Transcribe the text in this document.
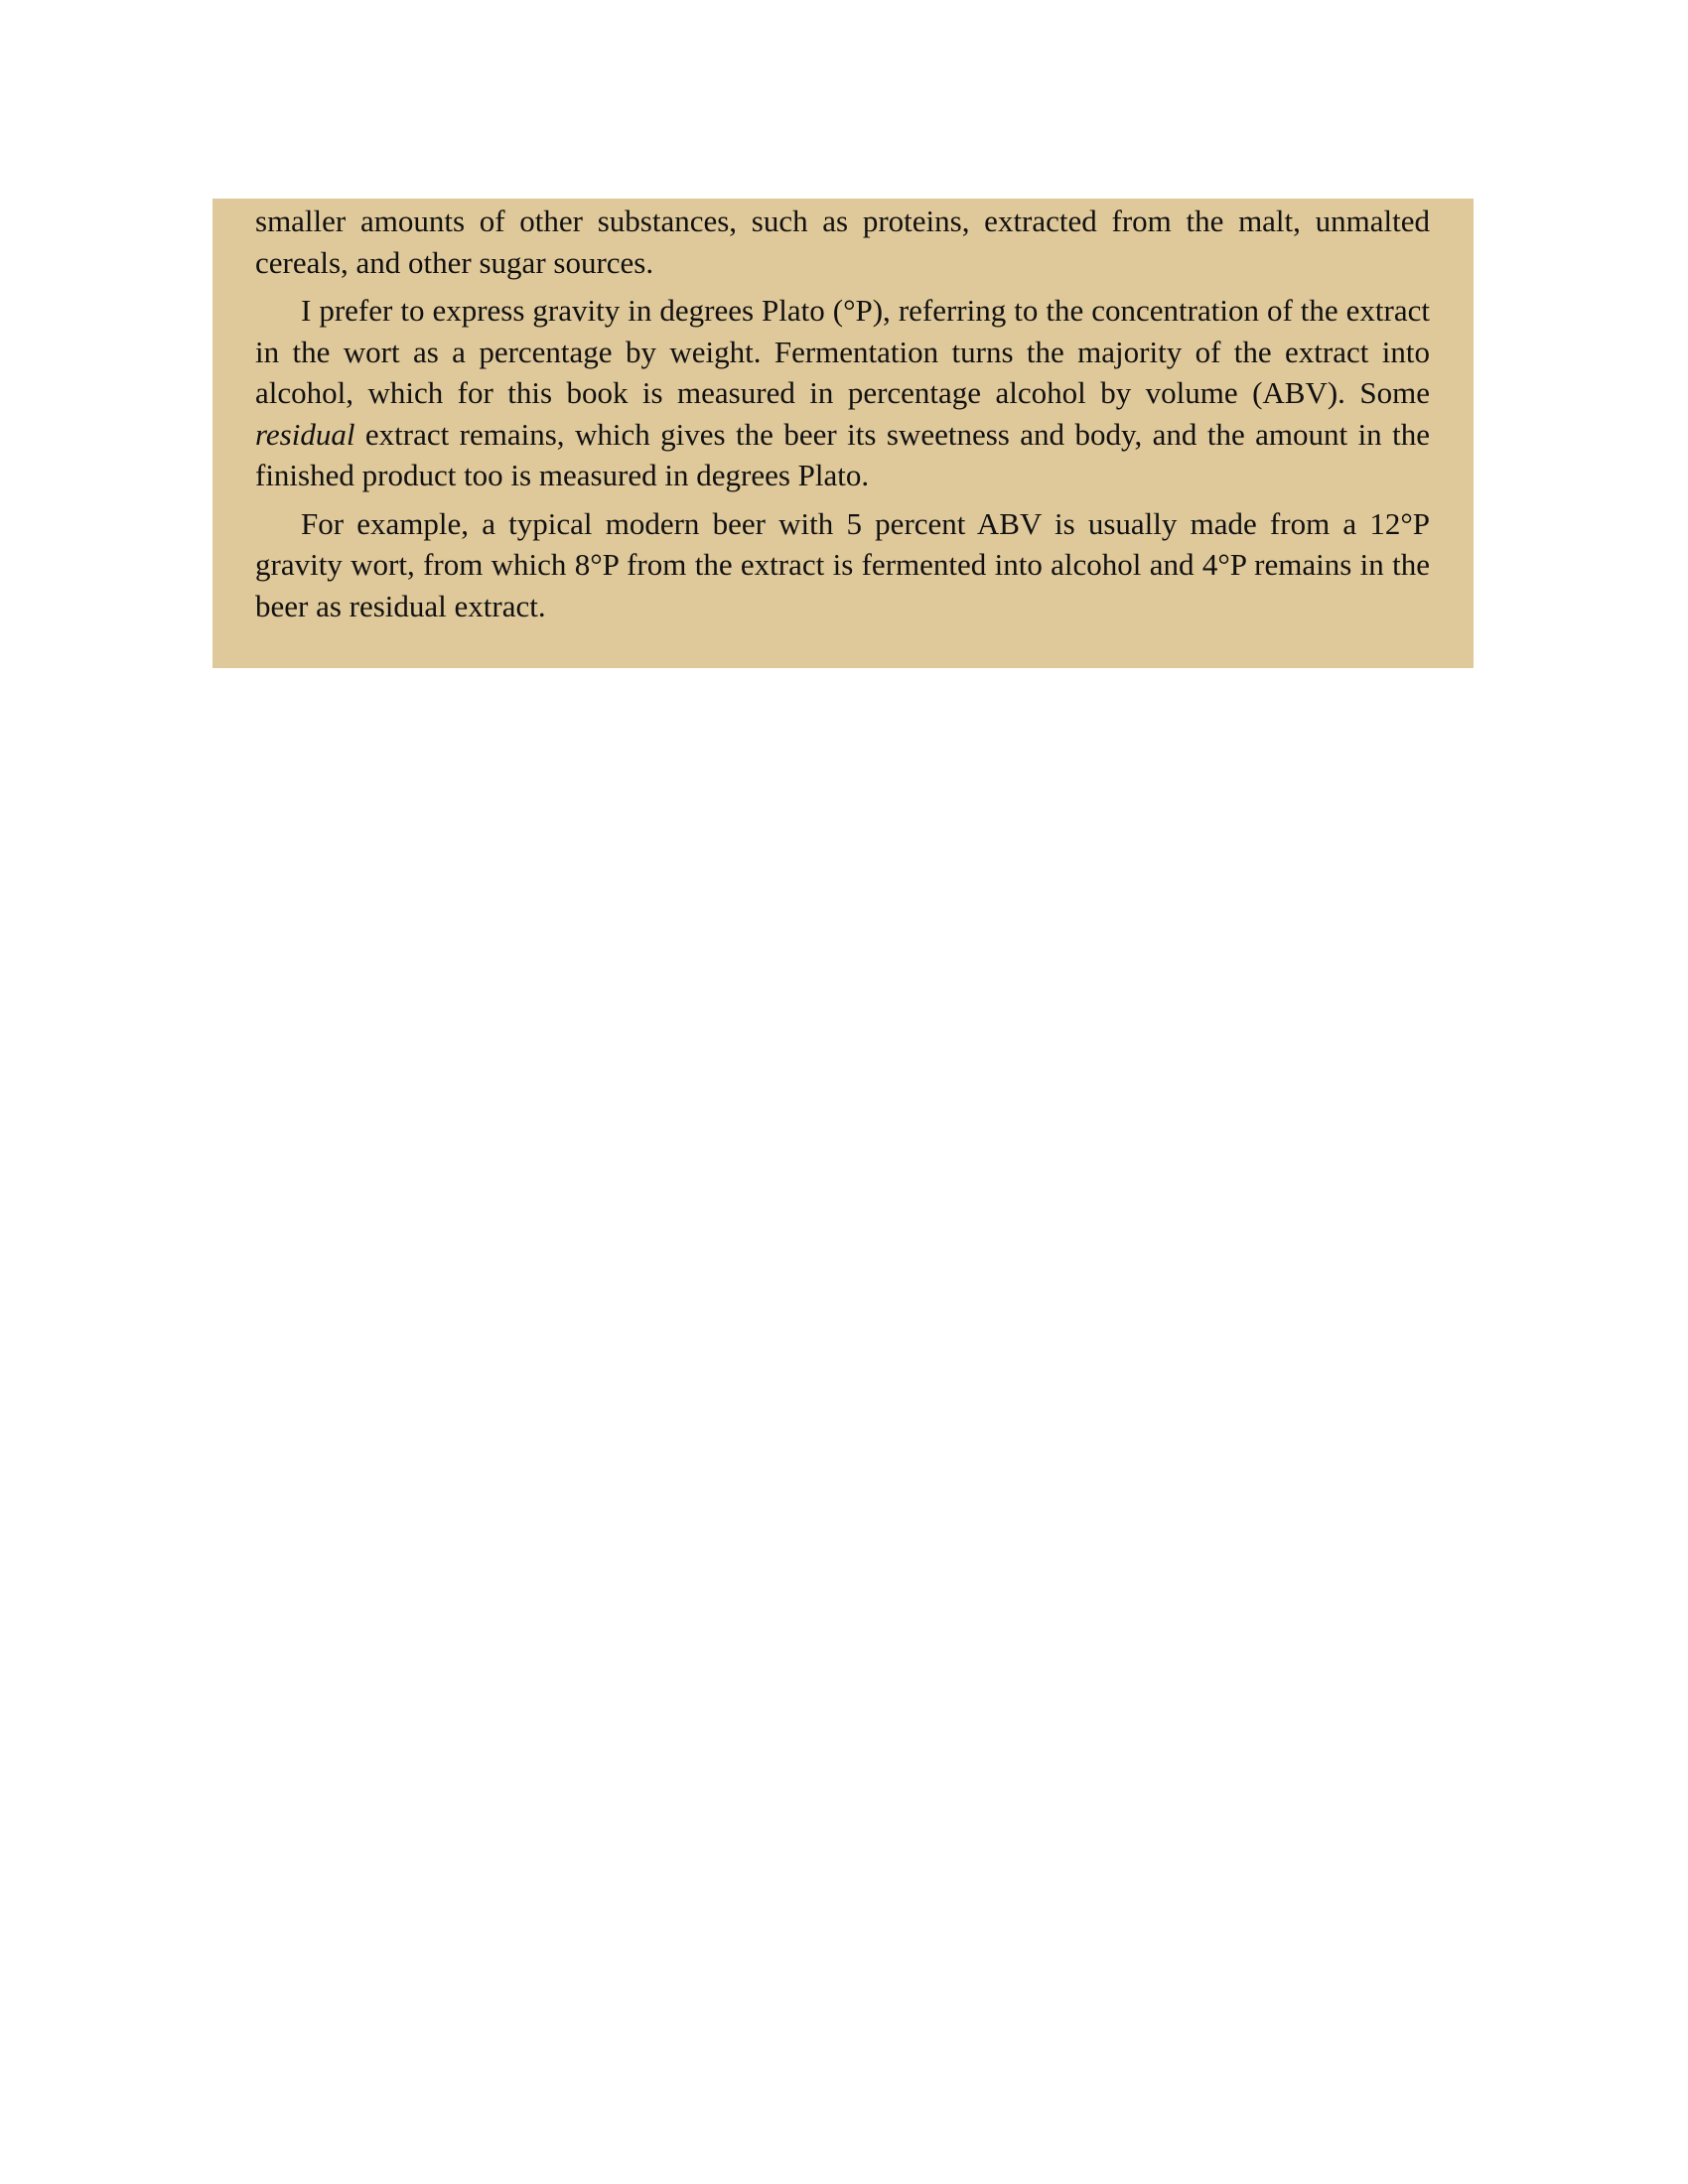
smaller amounts of other substances, such as proteins, extracted from the malt, unmalted cereals, and other sugar sources.

I prefer to express gravity in degrees Plato (°P), referring to the concentration of the extract in the wort as a percentage by weight. Fermentation turns the majority of the extract into alcohol, which for this book is measured in percentage alcohol by volume (ABV). Some residual extract remains, which gives the beer its sweetness and body, and the amount in the finished product too is measured in degrees Plato.

For example, a typical modern beer with 5 percent ABV is usually made from a 12°P gravity wort, from which 8°P from the extract is fermented into alcohol and 4°P remains in the beer as residual extract.
